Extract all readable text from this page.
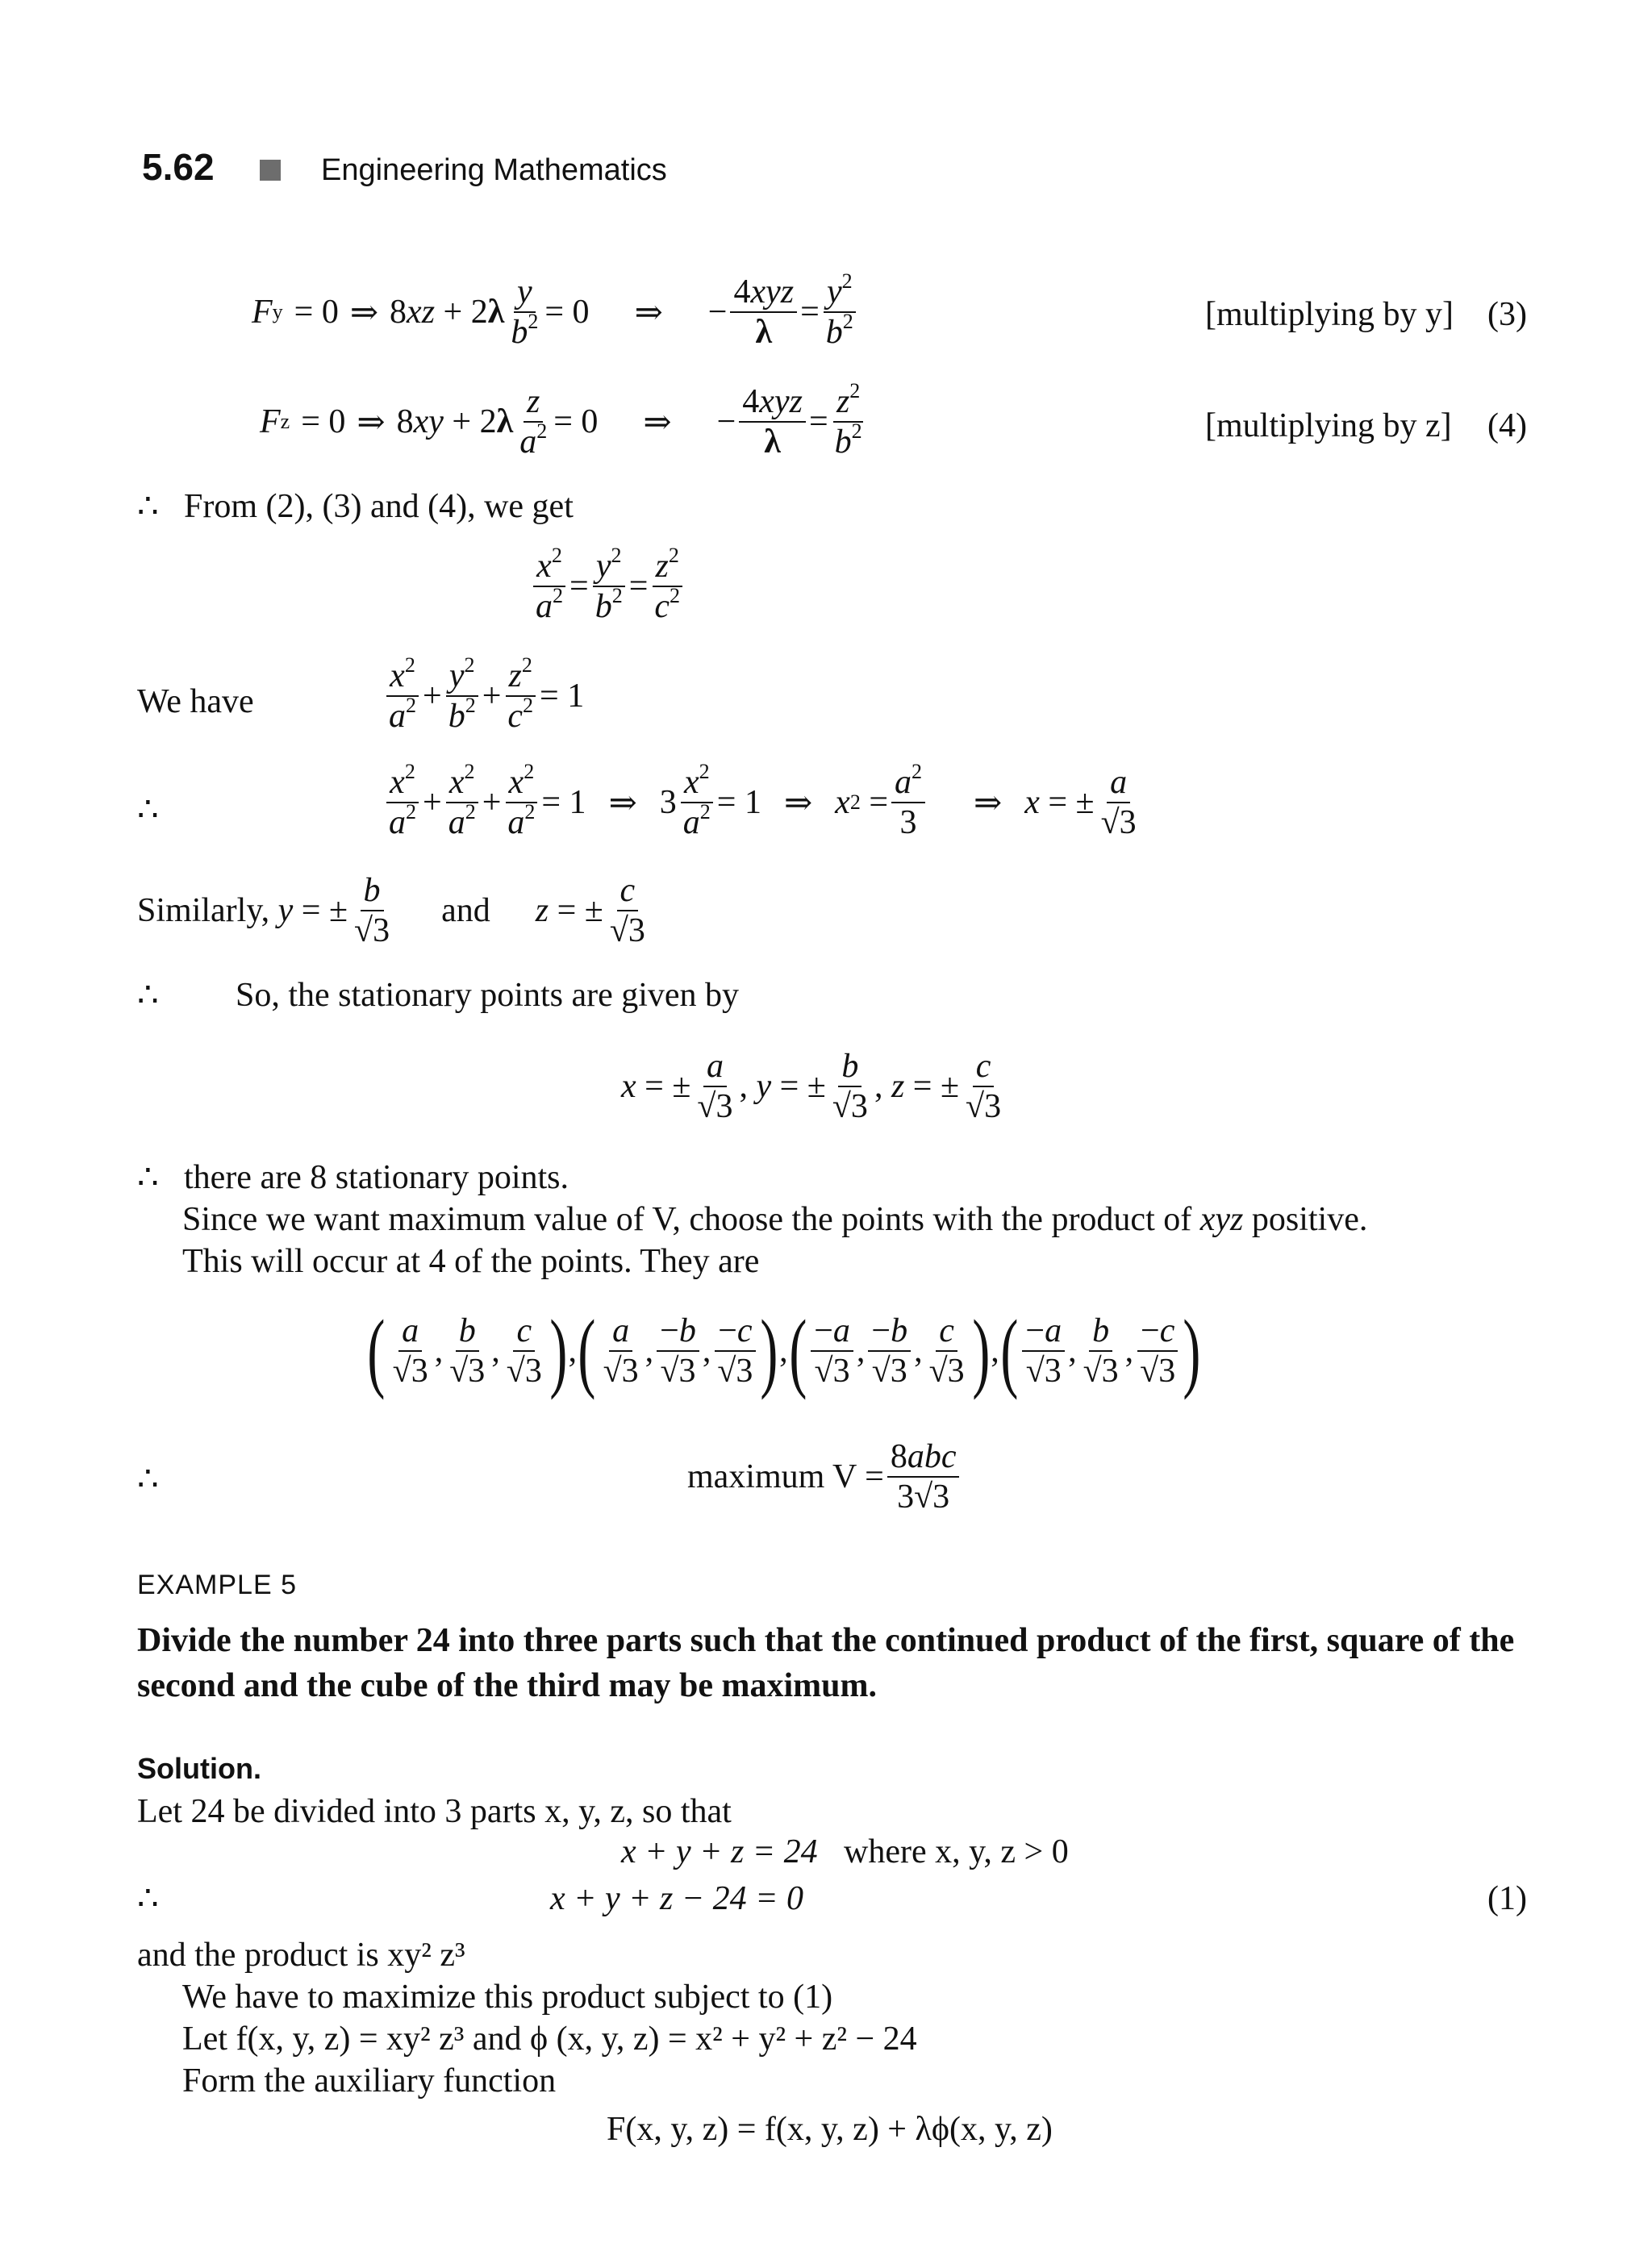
5.62	Engineering Mathematics
F y = 0 ⇒ 8 xz + 2 λ $\frac{y}{b^2} = 0$
⇒ − $\frac{\text{4xyz}}{\lambda} = \frac{y^2}{b^2}$	[multiplying by y] (3)
F z = 0 ⇒ 8 xy + 2 λ $\frac{z}{a^2} = 0$
⇒ − $\frac{\text{4xyz}}{\lambda} = \frac{z^2}{b^2}$	[multiplying by z] (4)
∴ From (2), (3) and (4), we get
$\frac{x^2}{a^2} = \frac{y^2}{b^2} = \frac{z^2}{c^2}$
We have	$\frac{x^2}{a^2} + \frac{y^2}{b^2} + \frac{z^2}{c^2} = 1$
∴	$\frac{x^2}{a^2} + \frac{x^2}{a^2} + \frac{x^2}{a^2} = 1$
⇒ $3 \frac{x^2}{a^2} = 1$
⇒ x $2 = \frac{a^2}{3}$ ⇒ x = ± $\frac{a}{√3}$
Similarly,
y = ± $\frac{b}{√3}$ and z = ± $\frac{c}{√3}$
∴ So, the stationary points are given by
x = ± $\frac{a}{√3}$ , y = ± $\frac{b}{√3}$ , z = ± $\frac{c}{√3}$
∴ there are 8 stationary points.
Since we want maximum value of V, choose the points with the product of xyz positive.
This will occur at 4 of the points. They are
( $\frac{a}{√3}$ , $\frac{b}{√3}$ , $\frac{c}{√3}$ ) , ( $\frac{a}{√3}$ , $\frac{-b}{√3}$ , $\frac{-c}{√3}$ ) , ( $\frac{-a}{√3}$ , $\frac{-b}{√3}$ , $\frac{c}{√3}$ ) , ( $\frac{-a}{√3}$ , $\frac{b}{√3}$ , $\frac{-c}{√3}$ )
∴	maximum $V = \frac{\text{8abc}}{3√3}$
EXAMPLE 5
Divide the number 24 into three parts such that the continued product of the first, square of the
second and the cube of the third may be maximum.
Solution.
Let 24 be divided into 3 parts x, y, z, so that
x + y + z = 24 where x, y, z > 0
∴	x + y + z − 24 = 0	(1)
and the product is xy² z³
We have to maximize this product subject to (1)
Let f(x, y, z) = xy² z³ and ϕ (x, y, z) = x² + y² + z² − 24
Form the auxiliary function
F(x, y, z) = f(x, y, z) + λϕ(x, y, z)
